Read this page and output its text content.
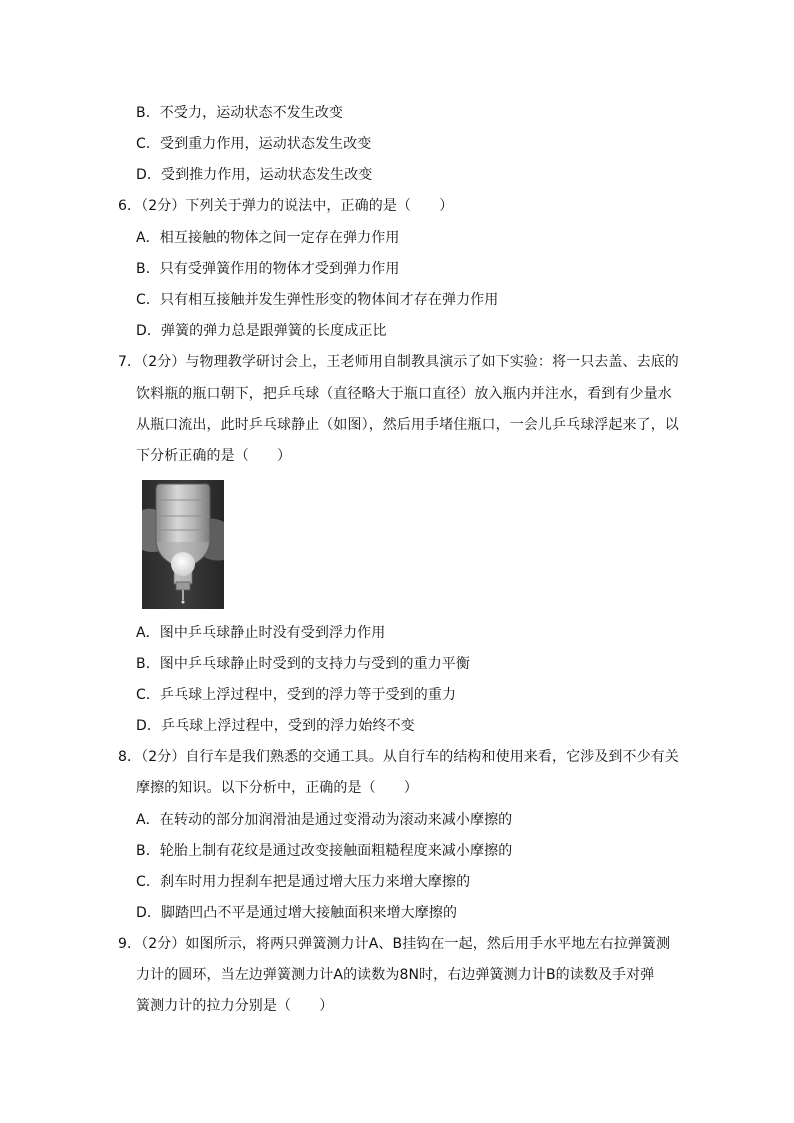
B．不受力，运动状态不发生改变
C．受到重力作用，运动状态发生改变
D．受到推力作用，运动状态发生改变
6．（2分）下列关于弹力的说法中，正确的是（　　）
A．相互接触的物体之间一定存在弹力作用
B．只有受弹簧作用的物体才受到弹力作用
C．只有相互接触并发生弹性形变的物体间才存在弹力作用
D．弹簧的弹力总是跟弹簧的长度成正比
7．（2分）与物理教学研讨会上，王老师用自制教具演示了如下实验：将一只去盖、去底的
饮料瓶的瓶口朝下，把乒乓球（直径略大于瓶口直径）放入瓶内并注水，看到有少量水
从瓶口流出，此时乒乓球静止（如图），然后用手堵住瓶口，一会儿乒乓球浮起来了，以
下分析正确的是（　　）
A．图中乒乓球静止时没有受到浮力作用
B．图中乒乓球静止时受到的支持力与受到的重力平衡
C．乒乓球上浮过程中，受到的浮力等于受到的重力
D．乒乓球上浮过程中，受到的浮力始终不变
8．（2分）自行车是我们熟悉的交通工具。从自行车的结构和使用来看，它涉及到不少有关
摩擦的知识。以下分析中，正确的是（　　）
A．在转动的部分加润滑油是通过变滑动为滚动来减小摩擦的
B．轮胎上制有花纹是通过改变接触面粗糙程度来减小摩擦的
C．刹车时用力捏刹车把是通过增大压力来增大摩擦的
D．脚踏凹凸不平是通过增大接触面积来增大摩擦的
9．（2分）如图所示，将两只弹簧测力计A、B挂钩在一起，然后用手水平地左右拉弹簧测
力计的圆环，当左边弹簧测力计A的读数为8N时，右边弹簧测力计B的读数及手对弹
簧测力计的拉力分别是（　　）
